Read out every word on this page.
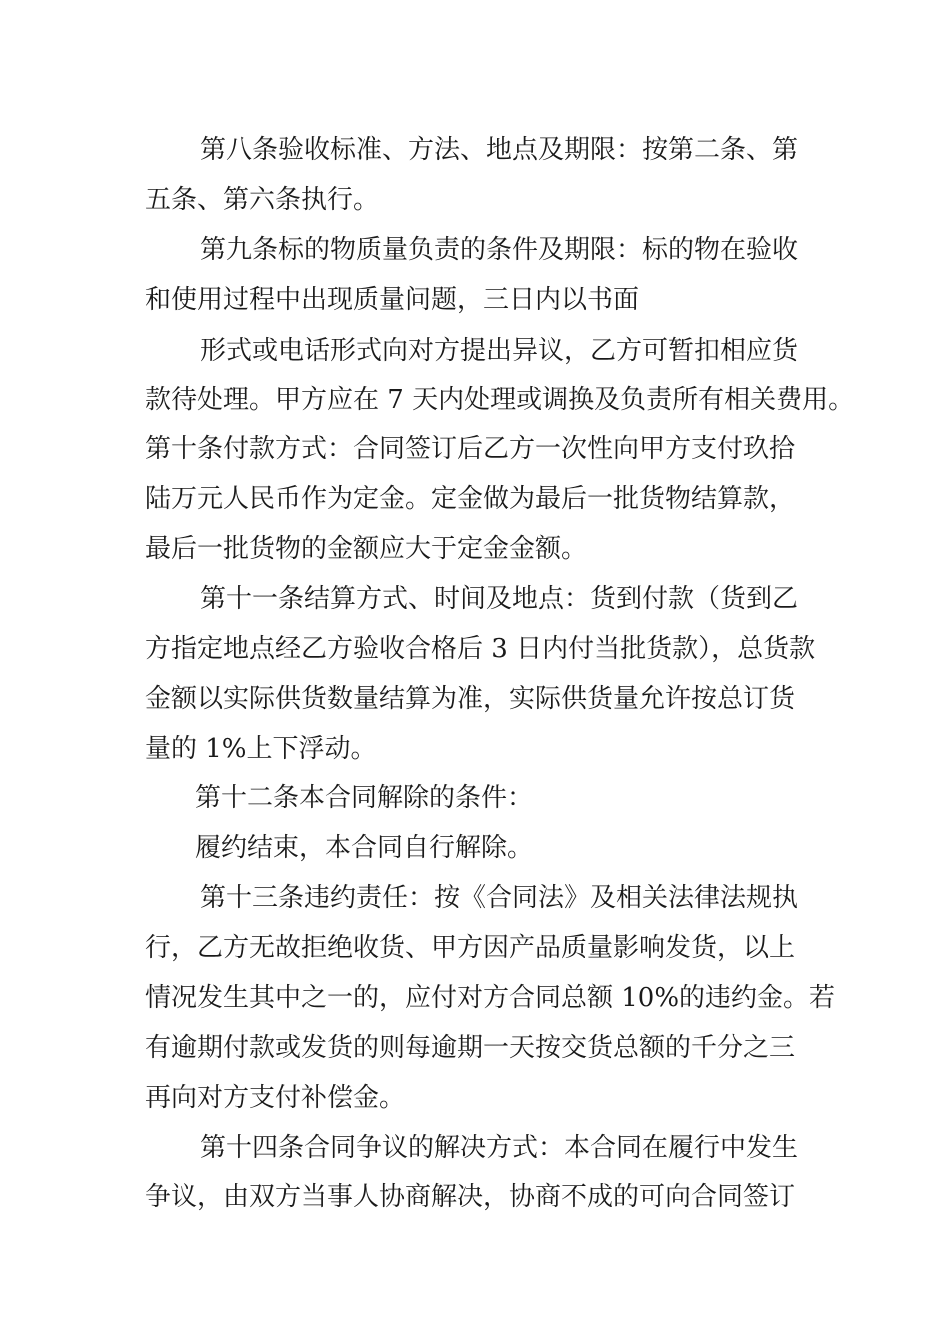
第八条验收标准、方法、地点及期限：按第二条、第

五条、第六条执行。

第九条标的物质量负责的条件及期限：标的物在验收

和使用过程中出现质量问题，三日内以书面

形式或电话形式向对方提出异议，乙方可暂扣相应货

款待处理。甲方应在 7 天内处理或调换及负责所有相关费用。

第十条付款方式：合同签订后乙方一次性向甲方支付玖拾

陆万元人民币作为定金。定金做为最后一批货物结算款，

最后一批货物的金额应大于定金金额。

第十一条结算方式、时间及地点：货到付款（货到乙

方指定地点经乙方验收合格后 3 日内付当批货款），总货款

金额以实际供货数量结算为准，实际供货量允许按总订货

量的 1%上下浮动。

第十二条本合同解除的条件：

履约结束，本合同自行解除。

第十三条违约责任：按《合同法》及相关法律法规执

行，乙方无故拒绝收货、甲方因产品质量影响发货，以上

情况发生其中之一的，应付对方合同总额 10%的违约金。若

有逾期付款或发货的则每逾期一天按交货总额的千分之三

再向对方支付补偿金。

第十四条合同争议的解决方式：本合同在履行中发生

争议，由双方当事人协商解决，协商不成的可向合同签订
